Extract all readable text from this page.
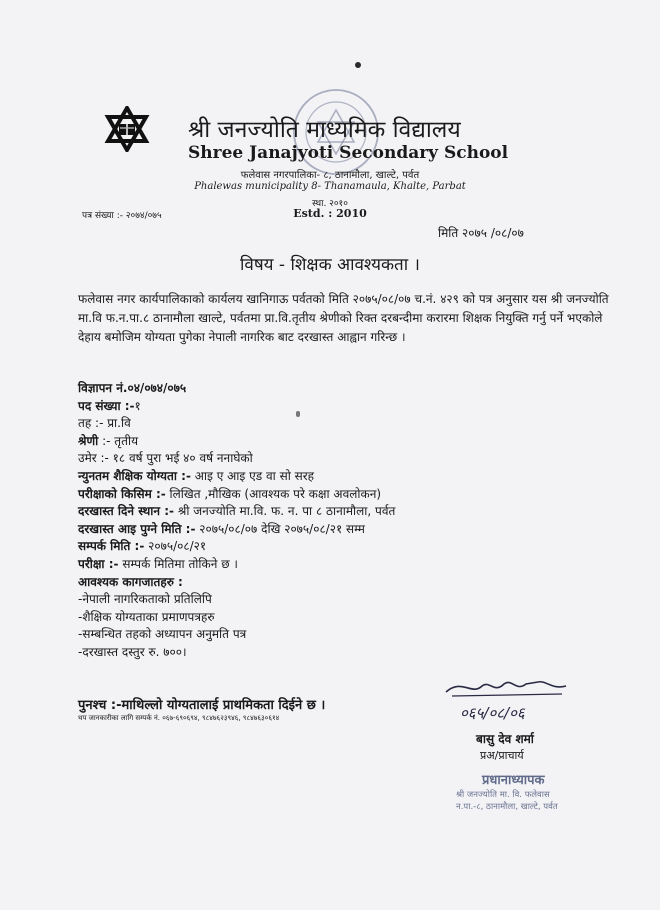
श्री जनज्योति माध्यमिक विद्यालय
Shree Janajyoti Secondary School
फलेवास नगरपालिका- ८, ठानामौला, खाल्टे, पर्वत
Phalewas municipality 8- Thanamaula, Khalte, Parbat
स्था. २०१०
Estd. : 2010
पत्र संख्या :- २०७४/०७५
मिति २०७५ /०८/०७
विषय - शिक्षक आवश्यकता ।
फलेवास नगर कार्यपालिकाको कार्यलय खानिगाऊ पर्वतको मिति २०७५/०८/०७ च.नं. ४२९ को पत्र अनुसार यस श्री जनज्योति मा.वि फ.न.पा.८ ठानामौला खाल्टे, पर्वतमा प्रा.वि.तृतीय श्रेणीको रिक्त दरबन्दीमा करारमा शिक्षक नियुक्ति गर्नु पर्ने भएकोले देहाय बमोजिम योग्यता पुगेका नेपाली नागरिक बाट दरखास्त आह्वान गरिन्छ ।
विज्ञापन नं.०४/०७४/०७५
पद संख्या :-१
तह :- प्रा.वि
श्रेणी :- तृतीय
उमेर :- १८ वर्ष पुरा भई ४० वर्ष ननाघेको
न्युनतम शैक्षिक योग्यता :- आइ ए आइ एड वा सो सरह
परीक्षाको किसिम :- लिखित ,मौखिक (आवश्यक परे कक्षा अवलोकन)
दरखास्त दिने स्थान :- श्री जनज्योति मा.वि. फ. न. पा ८ ठानामौला, पर्वत
दरखास्त आइ पुग्ने मिति :- २०७५/०८/०७ देखि २०७५/०८/२१ सम्म
सम्पर्क मिति :- २०७५/०८/२१
परीक्षा :- सम्पर्क मितिमा तोकिने छ ।
आवश्यक कागजातहरु :
-नेपाली नागरिकताको प्रतिलिपि
-शैक्षिक योग्यताका प्रमाणपत्रहरु
-सम्बन्धित तहको अध्यापन अनुमति पत्र
-दरखास्त दस्तुर रु. ७००।
पुनश्च :-माथिल्लो योग्यतालाई प्राथमिकता दिईने छ ।
थप जानकारीका लागि सम्पर्क नं. ०६७-६९०६९४, ९८४७६२३९४६, ९८४७६३०६१४	०६५/०८/०६
बासु देव शर्मा
प्रअ/प्राचार्य
प्रधानाध्यापक
श्री जनज्योति मा. वि. फलेवास
न.पा.-८, ठानामौला, खाल्टे, पर्वत
